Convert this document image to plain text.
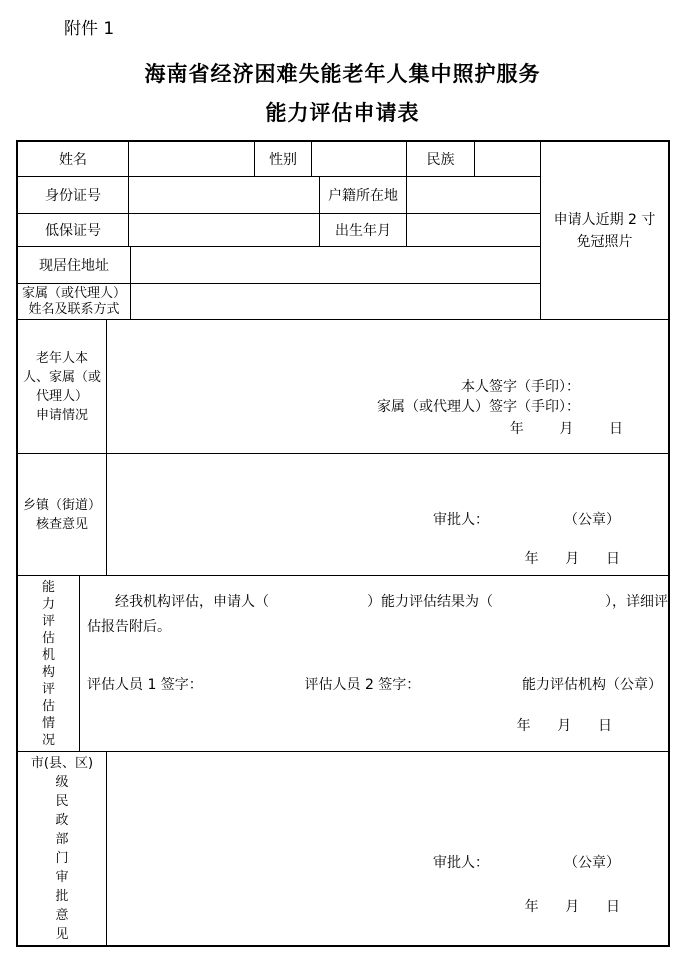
附件 1
海南省经济困难失能老年人集中照护服务
能力评估申请表
姓名	性别	民族
身份证号	户籍所在地
低保证号	出生年月
现居住地址
家属（或代理人）
姓名及联系方式
申请人近期 2 寸
免冠照片
老年人本
人、家属（或
代理人）
申请情况
本人签字（手印）：
家属（或代理人）签字（手印）：
年        月        日
乡镇（街道）
核查意见	审批人：	（公章）
年      月      日
能力评估机构评估情况
　　经我机构评估，申请人（　　　　　　　）能力评估结果为（　　　　　　　　），详细评
估报告附后。
评估人员 1 签字：	评估人员 2 签字：	能力评估机构（公章）
年      月      日
市(县、区)
级民政部门审批意见
审批人：	（公章）
年      月      日
